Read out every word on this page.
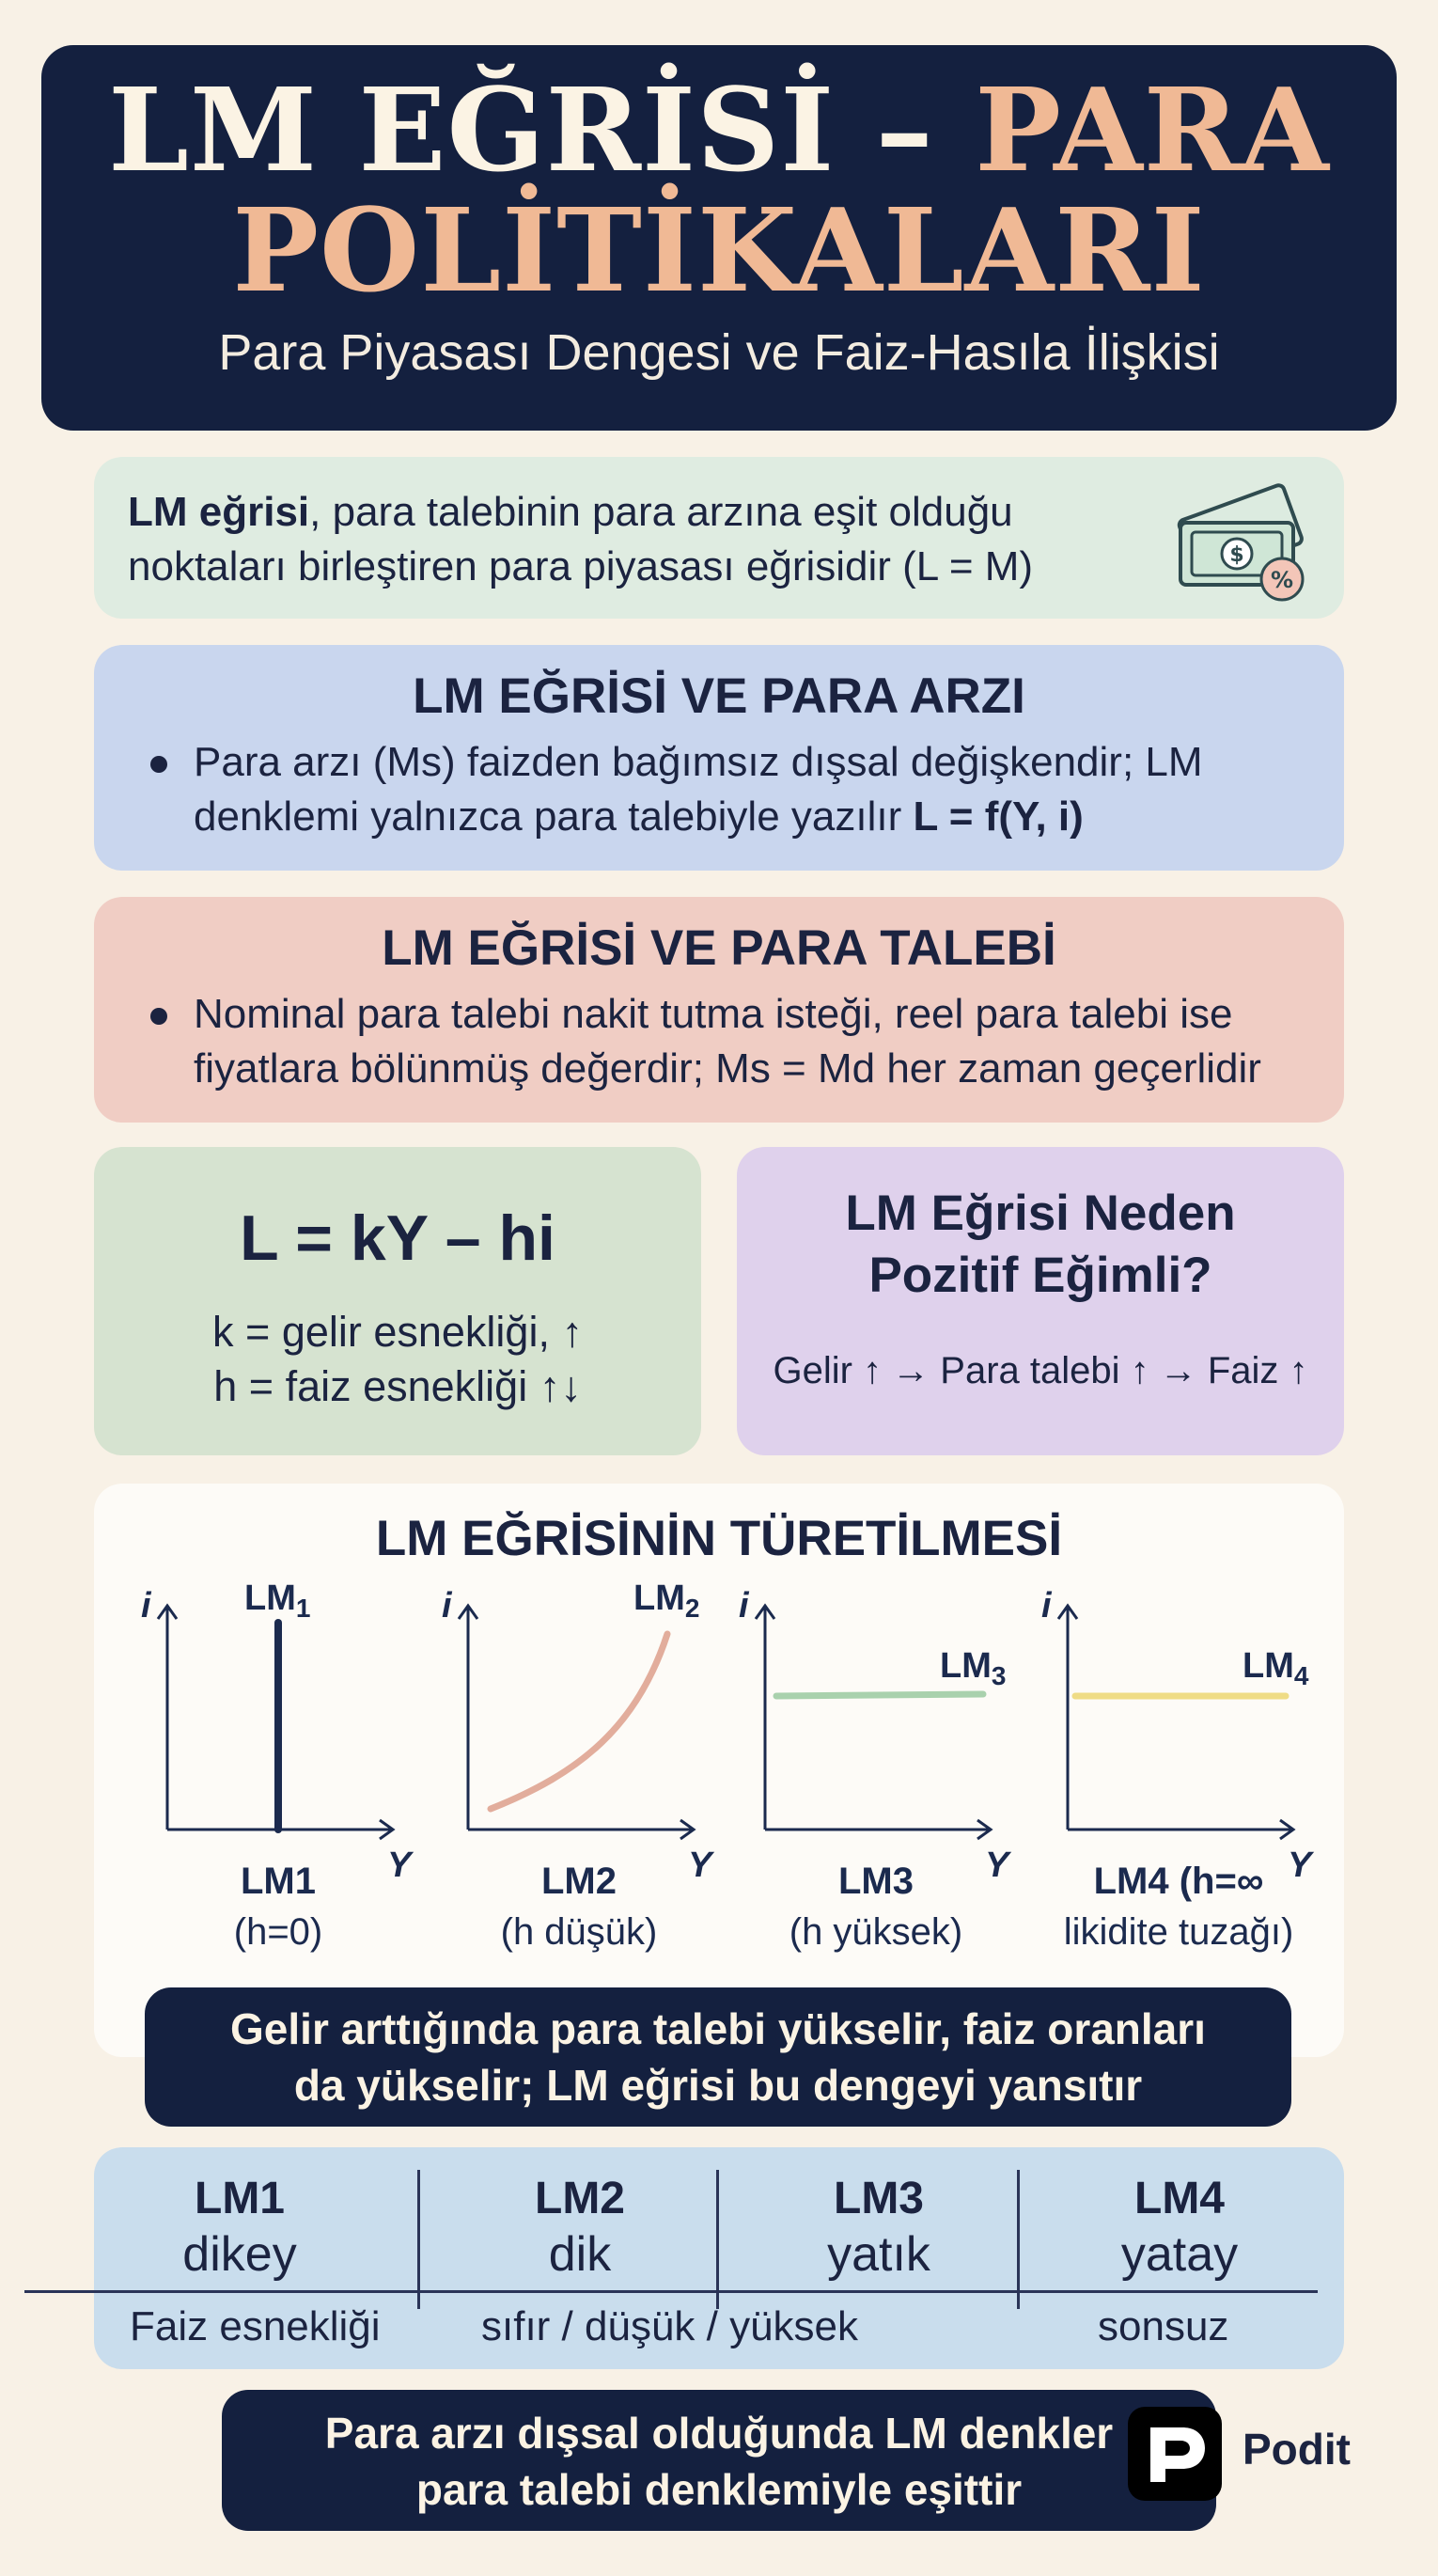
LM EĞRİSİ – PARA
POLİTİKALARI
Para Piyasası Dengesi ve Faiz-Hasıla İlişkisi
LM eğrisi, para talebinin para arzına eşit olduğu noktaları birleştiren para piyasası eğrisidir (L = M)	$
%
LM EĞRİSİ VE PARA ARZI
Para arzı (Ms) faizden bağımsız dışsal değişkendir; LM denklemi yalnızca para talebiyle yazılır L = f(Y, i)
LM EĞRİSİ VE PARA TALEBİ
Nominal para talebi nakit tutma isteği, reel para talebi ise fiyatlara bölünmüş değerdir; Ms = Md her zaman geçerlidir
L = kY – hi
k = gelir esnekliği, ↑
h = faiz esnekliği ↑↓
LM Eğrisi Neden
Pozitif Eğimli?
Gelir ↑ → Para talebi ↑ → Faiz ↑
LM EĞRİSİNİN TÜRETİLMESİ
i
Y
$LM_1$
LM1
(h=0)
i
Y
$LM_2$
LM2
(h düşük)
i
Y
$LM_3$
LM3
(h yüksek)
i
Y
$LM_4$
LM4 (h=∞
likidite tuzağı)
Gelir arttığında para talebi yükselir, faiz oranları
da yükselir; LM eğrisi bu dengeyi yansıtır
LM1
dikey
LM2
dik
LM3
yatık
LM4
yatay
Faiz esnekliği sıfır / düşük / yüksek	sonsuz
Para arzı dışsal olduğunda LM denkler
para talebi denklemiyle eşittir
Podit
